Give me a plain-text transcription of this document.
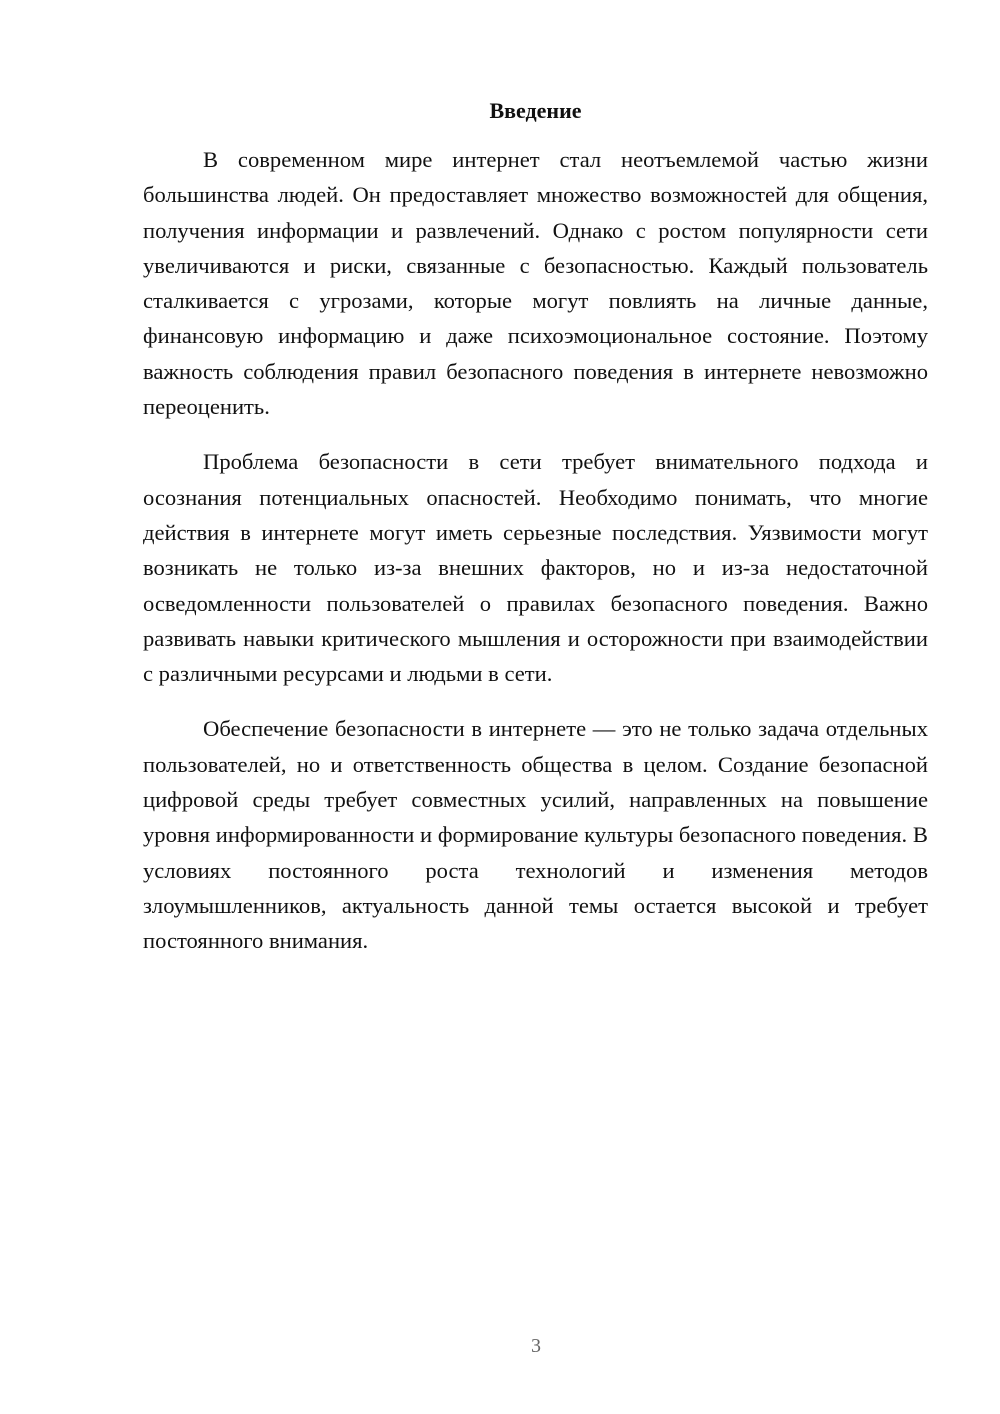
Введение

В современном мире интернет стал неотъемлемой частью жизни большинства людей. Он предоставляет множество возможностей для общения, получения информации и развлечений. Однако с ростом популярности сети увеличиваются и риски, связанные с безопасностью. Каждый пользователь сталкивается с угрозами, которые могут повлиять на личные данные, финансовую информацию и даже психоэмоциональное состояние. Поэтому важность соблюдения правил безопасного поведения в интернете невозможно переоценить.

Проблема безопасности в сети требует внимательного подхода и осознания потенциальных опасностей. Необходимо понимать, что многие действия в интернете могут иметь серьезные последствия. Уязвимости могут возникать не только из-за внешних факторов, но и из-за недостаточной осведомленности пользователей о правилах безопасного поведения. Важно развивать навыки критического мышления и осторожности при взаимодействии с различными ресурсами и людьми в сети.

Обеспечение безопасности в интернете — это не только задача отдельных пользователей, но и ответственность общества в целом. Создание безопасной цифровой среды требует совместных усилий, направленных на повышение уровня информированности и формирование культуры безопасного поведения. В условиях постоянного роста технологий и изменения методов злоумышленников, актуальность данной темы остается высокой и требует постоянного внимания.

3
